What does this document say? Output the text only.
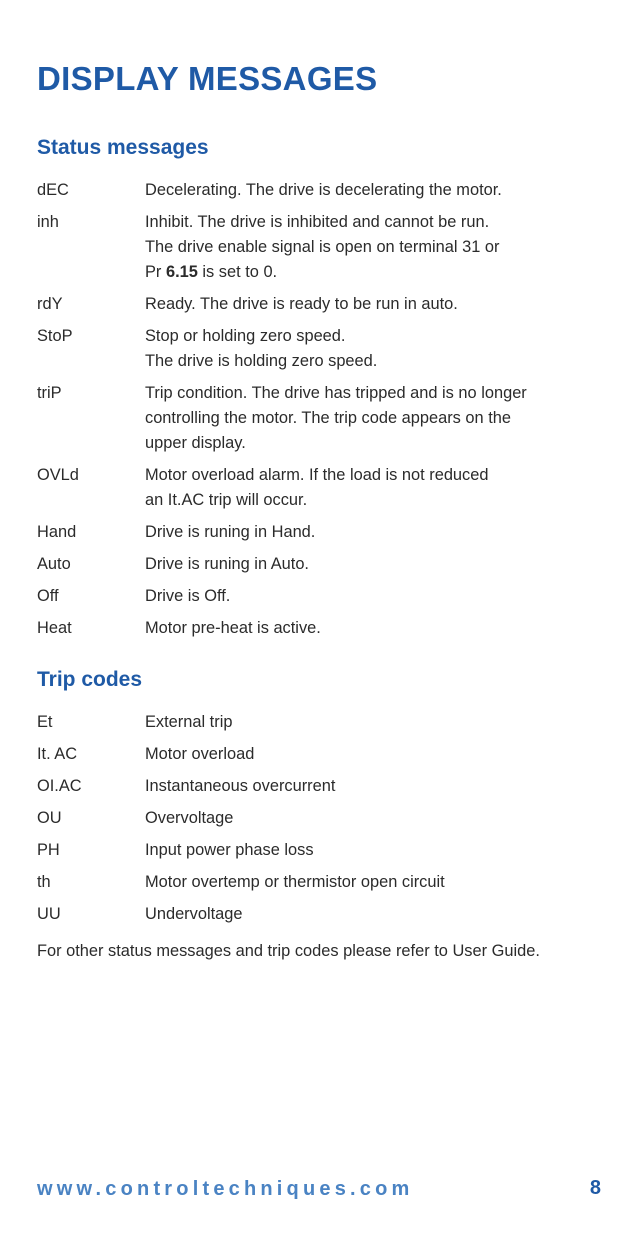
DISPLAY MESSAGES
Status messages
dEC	Decelerating. The drive is decelerating the motor.
inh	Inhibit. The drive is inhibited and cannot be run.
The drive enable signal is open on terminal 31 or
Pr 6.15 is set to 0.
rdY	Ready. The drive is ready to be run in auto.
StoP	Stop or holding zero speed.
The drive is holding zero speed.
triP	Trip condition. The drive has tripped and is no longer
controlling the motor. The trip code appears on the
upper display.
OVLd	Motor overload alarm. If the load is not reduced
an It.AC trip will occur.
Hand	Drive is runing in Hand.
Auto	Drive is runing in Auto.
Off	Drive is Off.
Heat	Motor pre-heat is active.
Trip codes
Et	External trip
It. AC	Motor overload
OI.AC	Instantaneous overcurrent
OU	Overvoltage
PH	Input power phase loss
th	Motor overtemp or thermistor open circuit
UU	Undervoltage
For other status messages and trip codes please refer to User Guide.
www.controltechniques.com	8
